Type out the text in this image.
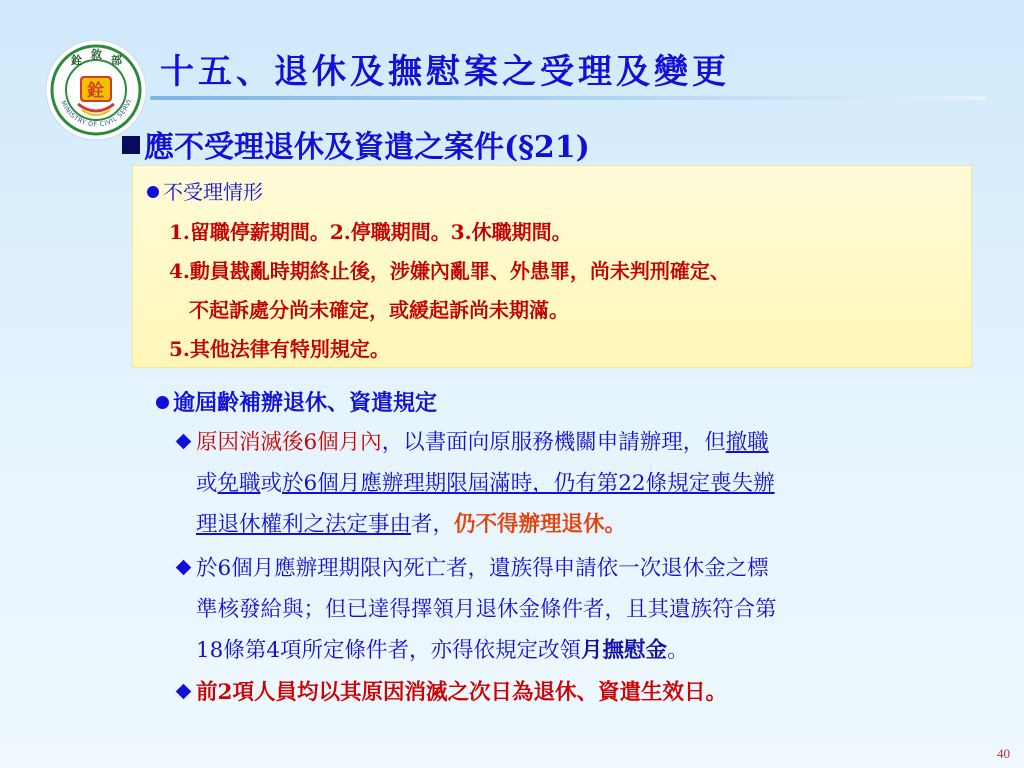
銓 敘 部
MINISTRY OF CIVIL SERVI
銓 十五、退休及撫慰案之受理及變更
應不受理退休及資遣之案件(§21)
不受理情形
1.留職停薪期間。2.停職期間。3.休職期間。
4.動員戡亂時期終止後，涉嫌內亂罪、外患罪，尚未判刑確定、
不起訴處分尚未確定，或緩起訴尚未期滿。
5.其他法律有特別規定。
逾屆齡補辦退休、資遣規定
原因消滅後6個月內，以書面向原服務機關申請辦理，但撤職
或免職或於6個月應辦理期限屆滿時，仍有第22條規定喪失辦
理退休權利之法定事由者，仍不得辦理退休。
於6個月應辦理期限內死亡者，遺族得申請依一次退休金之標
準核發給與；但已達得擇領月退休金條件者，且其遺族符合第
18條第4項所定條件者，亦得依規定改領月撫慰金。
前2項人員均以其原因消滅之次日為退休、資遣生效日。
40
